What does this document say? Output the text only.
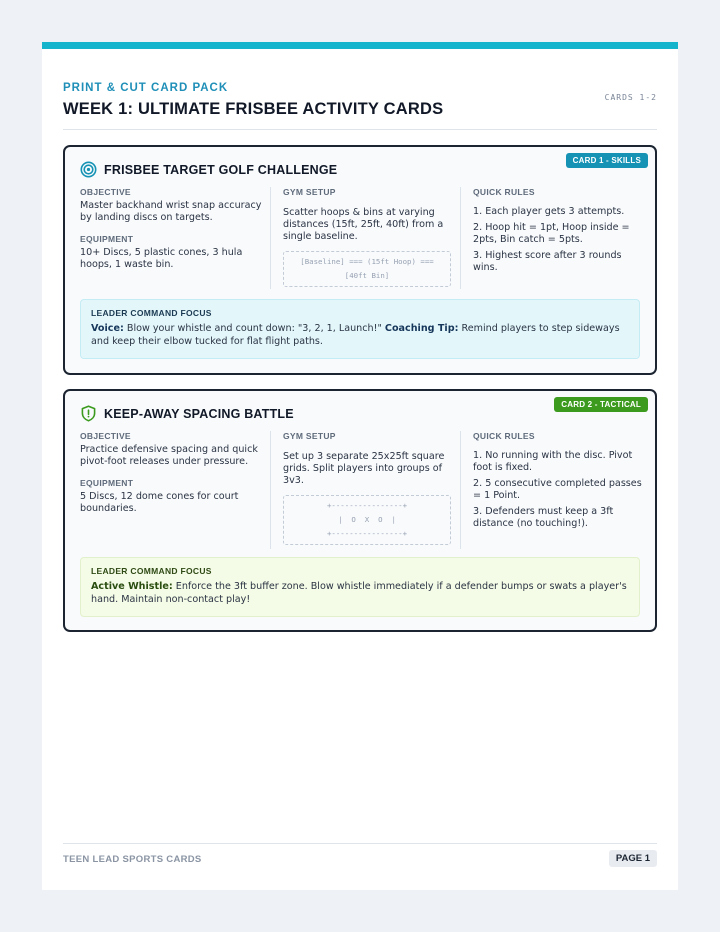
PRINT & CUT CARD PACK
WEEK 1: ULTIMATE FRISBEE ACTIVITY CARDS
CARDS 1-2
CARD 1 - SKILLS
FRISBEE TARGET GOLF CHALLENGE
OBJECTIVE
Master backhand wrist snap accuracy by landing discs on targets.
EQUIPMENT
10+ Discs, 5 plastic cones, 3 hula hoops, 1 waste bin.
GYM SETUP
Scatter hoops & bins at varying distances (15ft, 25ft, 40ft) from a single baseline.
[Baseline] === (15ft Hoop) ===
[40ft Bin]
QUICK RULES
1. Each player gets 3 attempts.
2. Hoop hit = 1pt, Hoop inside = 2pts, Bin catch = 5pts.
3. Highest score after 3 rounds wins.
LEADER COMMAND FOCUS
Voice: Blow your whistle and count down: "3, 2, 1, Launch!" Coaching Tip: Remind players to step sideways and keep their elbow tucked for flat flight paths.
CARD 2 - TACTICAL
KEEP-AWAY SPACING BATTLE
OBJECTIVE
Practice defensive spacing and quick pivot-foot releases under pressure.
EQUIPMENT
5 Discs, 12 dome cones for court boundaries.
GYM SETUP
Set up 3 separate 25x25ft square grids. Split players into groups of 3v3.
+----------------+
|  O  X  O  |
+----------------+
QUICK RULES
1. No running with the disc. Pivot foot is fixed.
2. 5 consecutive completed passes = 1 Point.
3. Defenders must keep a 3ft distance (no touching!).
LEADER COMMAND FOCUS
Active Whistle: Enforce the 3ft buffer zone. Blow whistle immediately if a defender bumps or swats a player's hand. Maintain non-contact play!
TEEN LEAD SPORTS CARDS	PAGE 1
